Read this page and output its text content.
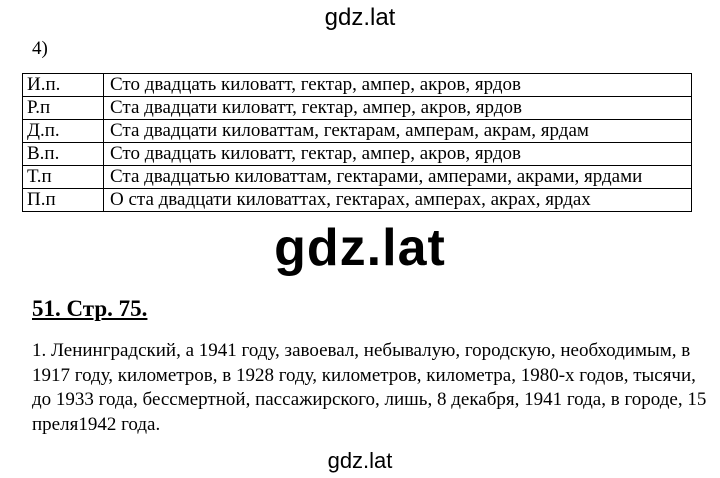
gdz.lat
4)
И.п.	Сто двадцать киловатт, гектар, ампер, акров, ярдов
Р.п	Ста двадцати киловатт, гектар, ампер, акров, ярдов
Д.п.	Ста двадцати киловаттам, гектарам, амперам, акрам, ярдам
В.п.	Сто двадцать киловатт, гектар, ампер, акров, ярдов
Т.п	Ста двадцатью киловаттам, гектарами, амперами, акрами, ярдами
П.п	О ста двадцати киловаттах, гектарах, амперах, акрах, ярдах
gdz.lat
51. Стр. 75.
1. Ленинградский, а 1941 году, завоевал, небывалую, городскую, необходимым, в 1917 году, километров, в 1928 году, километров, километра, 1980-х годов, тысячи, до 1933 года, бессмертной, пассажирского, лишь, 8 декабря, 1941 года, в городе, 15 преля1942 года.
gdz.lat
